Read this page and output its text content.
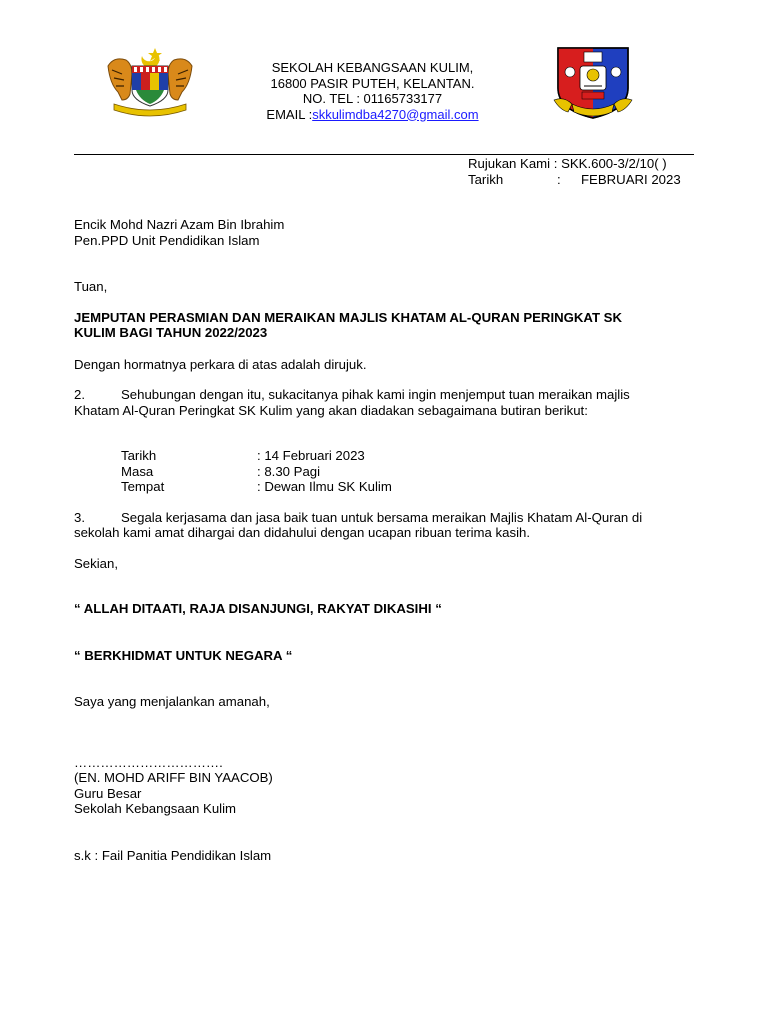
SEKOLAH KEBANGSAAN KULIM,
16800 PASIR PUTEH, KELANTAN.
NO. TEL : 01165733177
EMAIL :skkulimdba4270@gmail.com
Rujukan Kami : SKK.600-3/2/10( )
Tarikh	: FEBRUARI 2023
Encik Mohd Nazri Azam Bin Ibrahim
Pen.PPD Unit Pendidikan Islam
Tuan,
JEMPUTAN PERASMIAN DAN MERAIKAN MAJLIS KHATAM AL-QURAN PERINGKAT SK
KULIM BAGI TAHUN 2022/2023
Dengan hormatnya perkara di atas adalah dirujuk.
2.	Sehubungan dengan itu, sukacitanya pihak kami ingin menjemput tuan meraikan majlis
Khatam Al-Quran Peringkat SK Kulim yang akan diadakan sebagaimana butiran berikut:
Tarikh	: 14 Februari 2023
Masa	: 8.30 Pagi
Tempat	: Dewan Ilmu SK Kulim
3.	Segala kerjasama dan jasa baik tuan untuk bersama meraikan Majlis Khatam Al-Quran di
sekolah kami amat dihargai dan didahului dengan ucapan ribuan terima kasih.
Sekian,
“ ALLAH DITAATI, RAJA DISANJUNGI, RAKYAT DIKASIHI “
“ BERKHIDMAT UNTUK NEGARA “
Saya yang menjalankan amanah,
…………………………….
(EN. MOHD ARIFF BIN YAACOB)
Guru Besar
Sekolah Kebangsaan Kulim
s.k : Fail Panitia Pendidikan Islam
